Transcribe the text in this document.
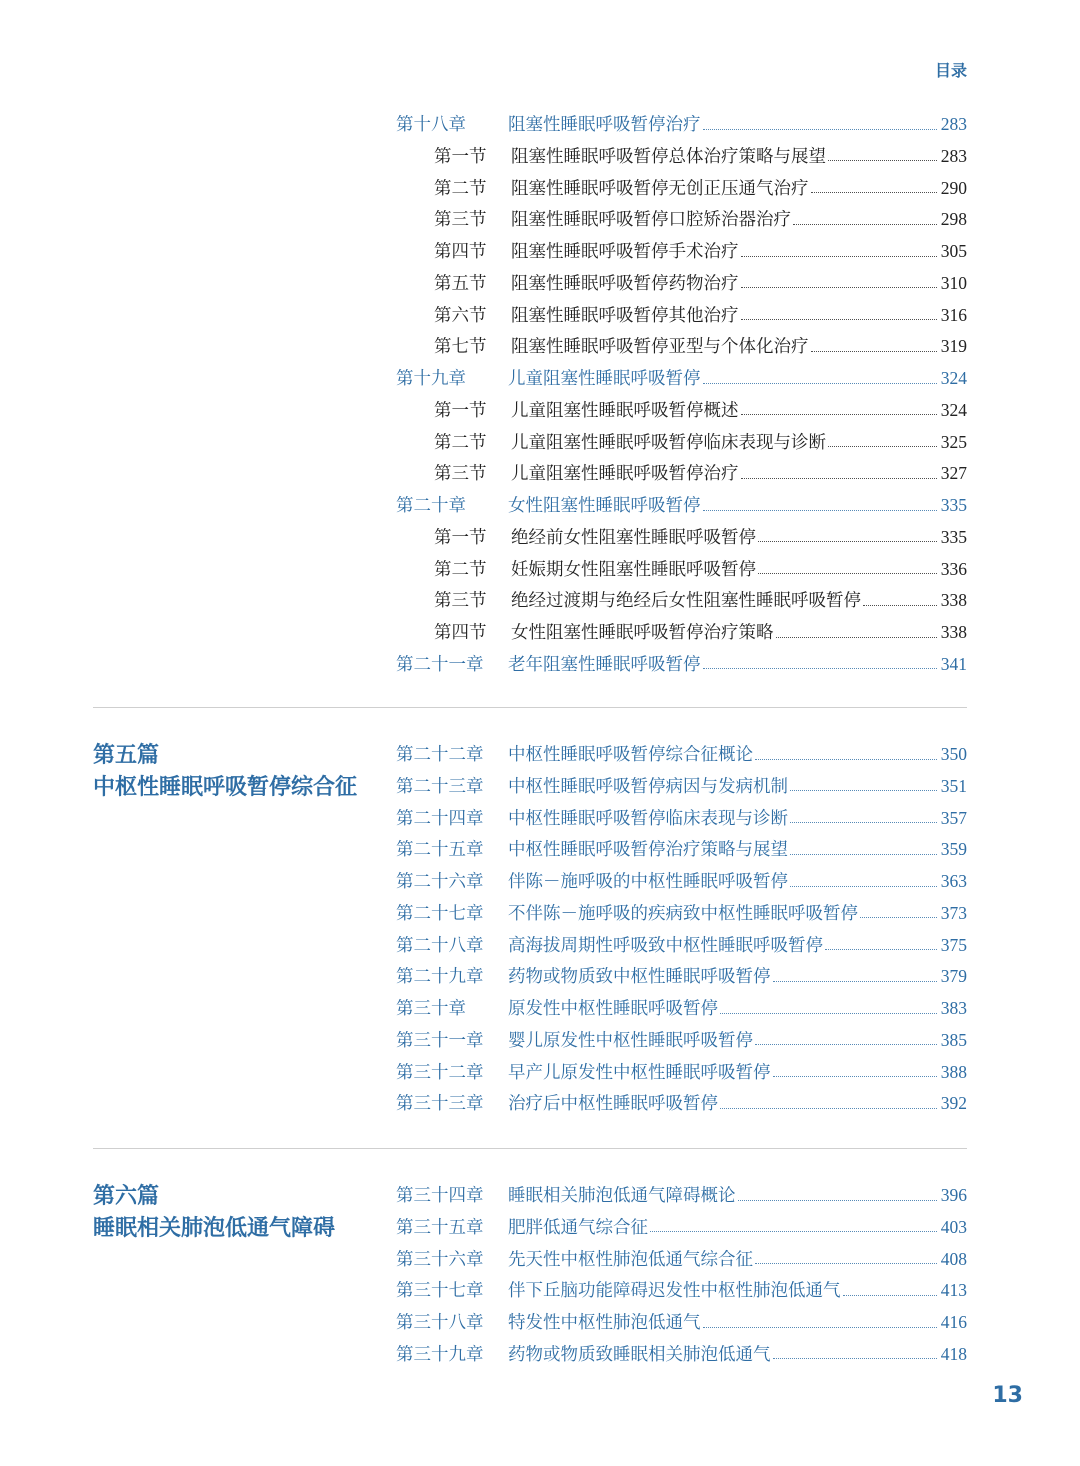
目录
第十八章	阻塞性睡眠呼吸暂停治疗	283
第一节	阻塞性睡眠呼吸暂停总体治疗策略与展望	283
第二节	阻塞性睡眠呼吸暂停无创正压通气治疗	290
第三节	阻塞性睡眠呼吸暂停口腔矫治器治疗	298
第四节	阻塞性睡眠呼吸暂停手术治疗	305
第五节	阻塞性睡眠呼吸暂停药物治疗	310
第六节	阻塞性睡眠呼吸暂停其他治疗	316
第七节	阻塞性睡眠呼吸暂停亚型与个体化治疗	319
第十九章	儿童阻塞性睡眠呼吸暂停	324
第一节	儿童阻塞性睡眠呼吸暂停概述	324
第二节	儿童阻塞性睡眠呼吸暂停临床表现与诊断	325
第三节	儿童阻塞性睡眠呼吸暂停治疗	327
第二十章	女性阻塞性睡眠呼吸暂停	335
第一节	绝经前女性阻塞性睡眠呼吸暂停	335
第二节	妊娠期女性阻塞性睡眠呼吸暂停	336
第三节	绝经过渡期与绝经后女性阻塞性睡眠呼吸暂停	338
第四节	女性阻塞性睡眠呼吸暂停治疗策略	338
第二十一章	老年阻塞性睡眠呼吸暂停	341
第五篇
中枢性睡眠呼吸暂停综合征
第二十二章	中枢性睡眠呼吸暂停综合征概论	350
第二十三章	中枢性睡眠呼吸暂停病因与发病机制	351
第二十四章	中枢性睡眠呼吸暂停临床表现与诊断	357
第二十五章	中枢性睡眠呼吸暂停治疗策略与展望	359
第二十六章	伴陈－施呼吸的中枢性睡眠呼吸暂停	363
第二十七章	不伴陈－施呼吸的疾病致中枢性睡眠呼吸暂停	373
第二十八章	高海拔周期性呼吸致中枢性睡眠呼吸暂停	375
第二十九章	药物或物质致中枢性睡眠呼吸暂停	379
第三十章	原发性中枢性睡眠呼吸暂停	383
第三十一章	婴儿原发性中枢性睡眠呼吸暂停	385
第三十二章	早产儿原发性中枢性睡眠呼吸暂停	388
第三十三章	治疗后中枢性睡眠呼吸暂停	392
第六篇
睡眠相关肺泡低通气障碍
第三十四章	睡眠相关肺泡低通气障碍概论	396
第三十五章	肥胖低通气综合征	403
第三十六章	先天性中枢性肺泡低通气综合征	408
第三十七章	伴下丘脑功能障碍迟发性中枢性肺泡低通气	413
第三十八章	特发性中枢性肺泡低通气	416
第三十九章	药物或物质致睡眠相关肺泡低通气	418
13
